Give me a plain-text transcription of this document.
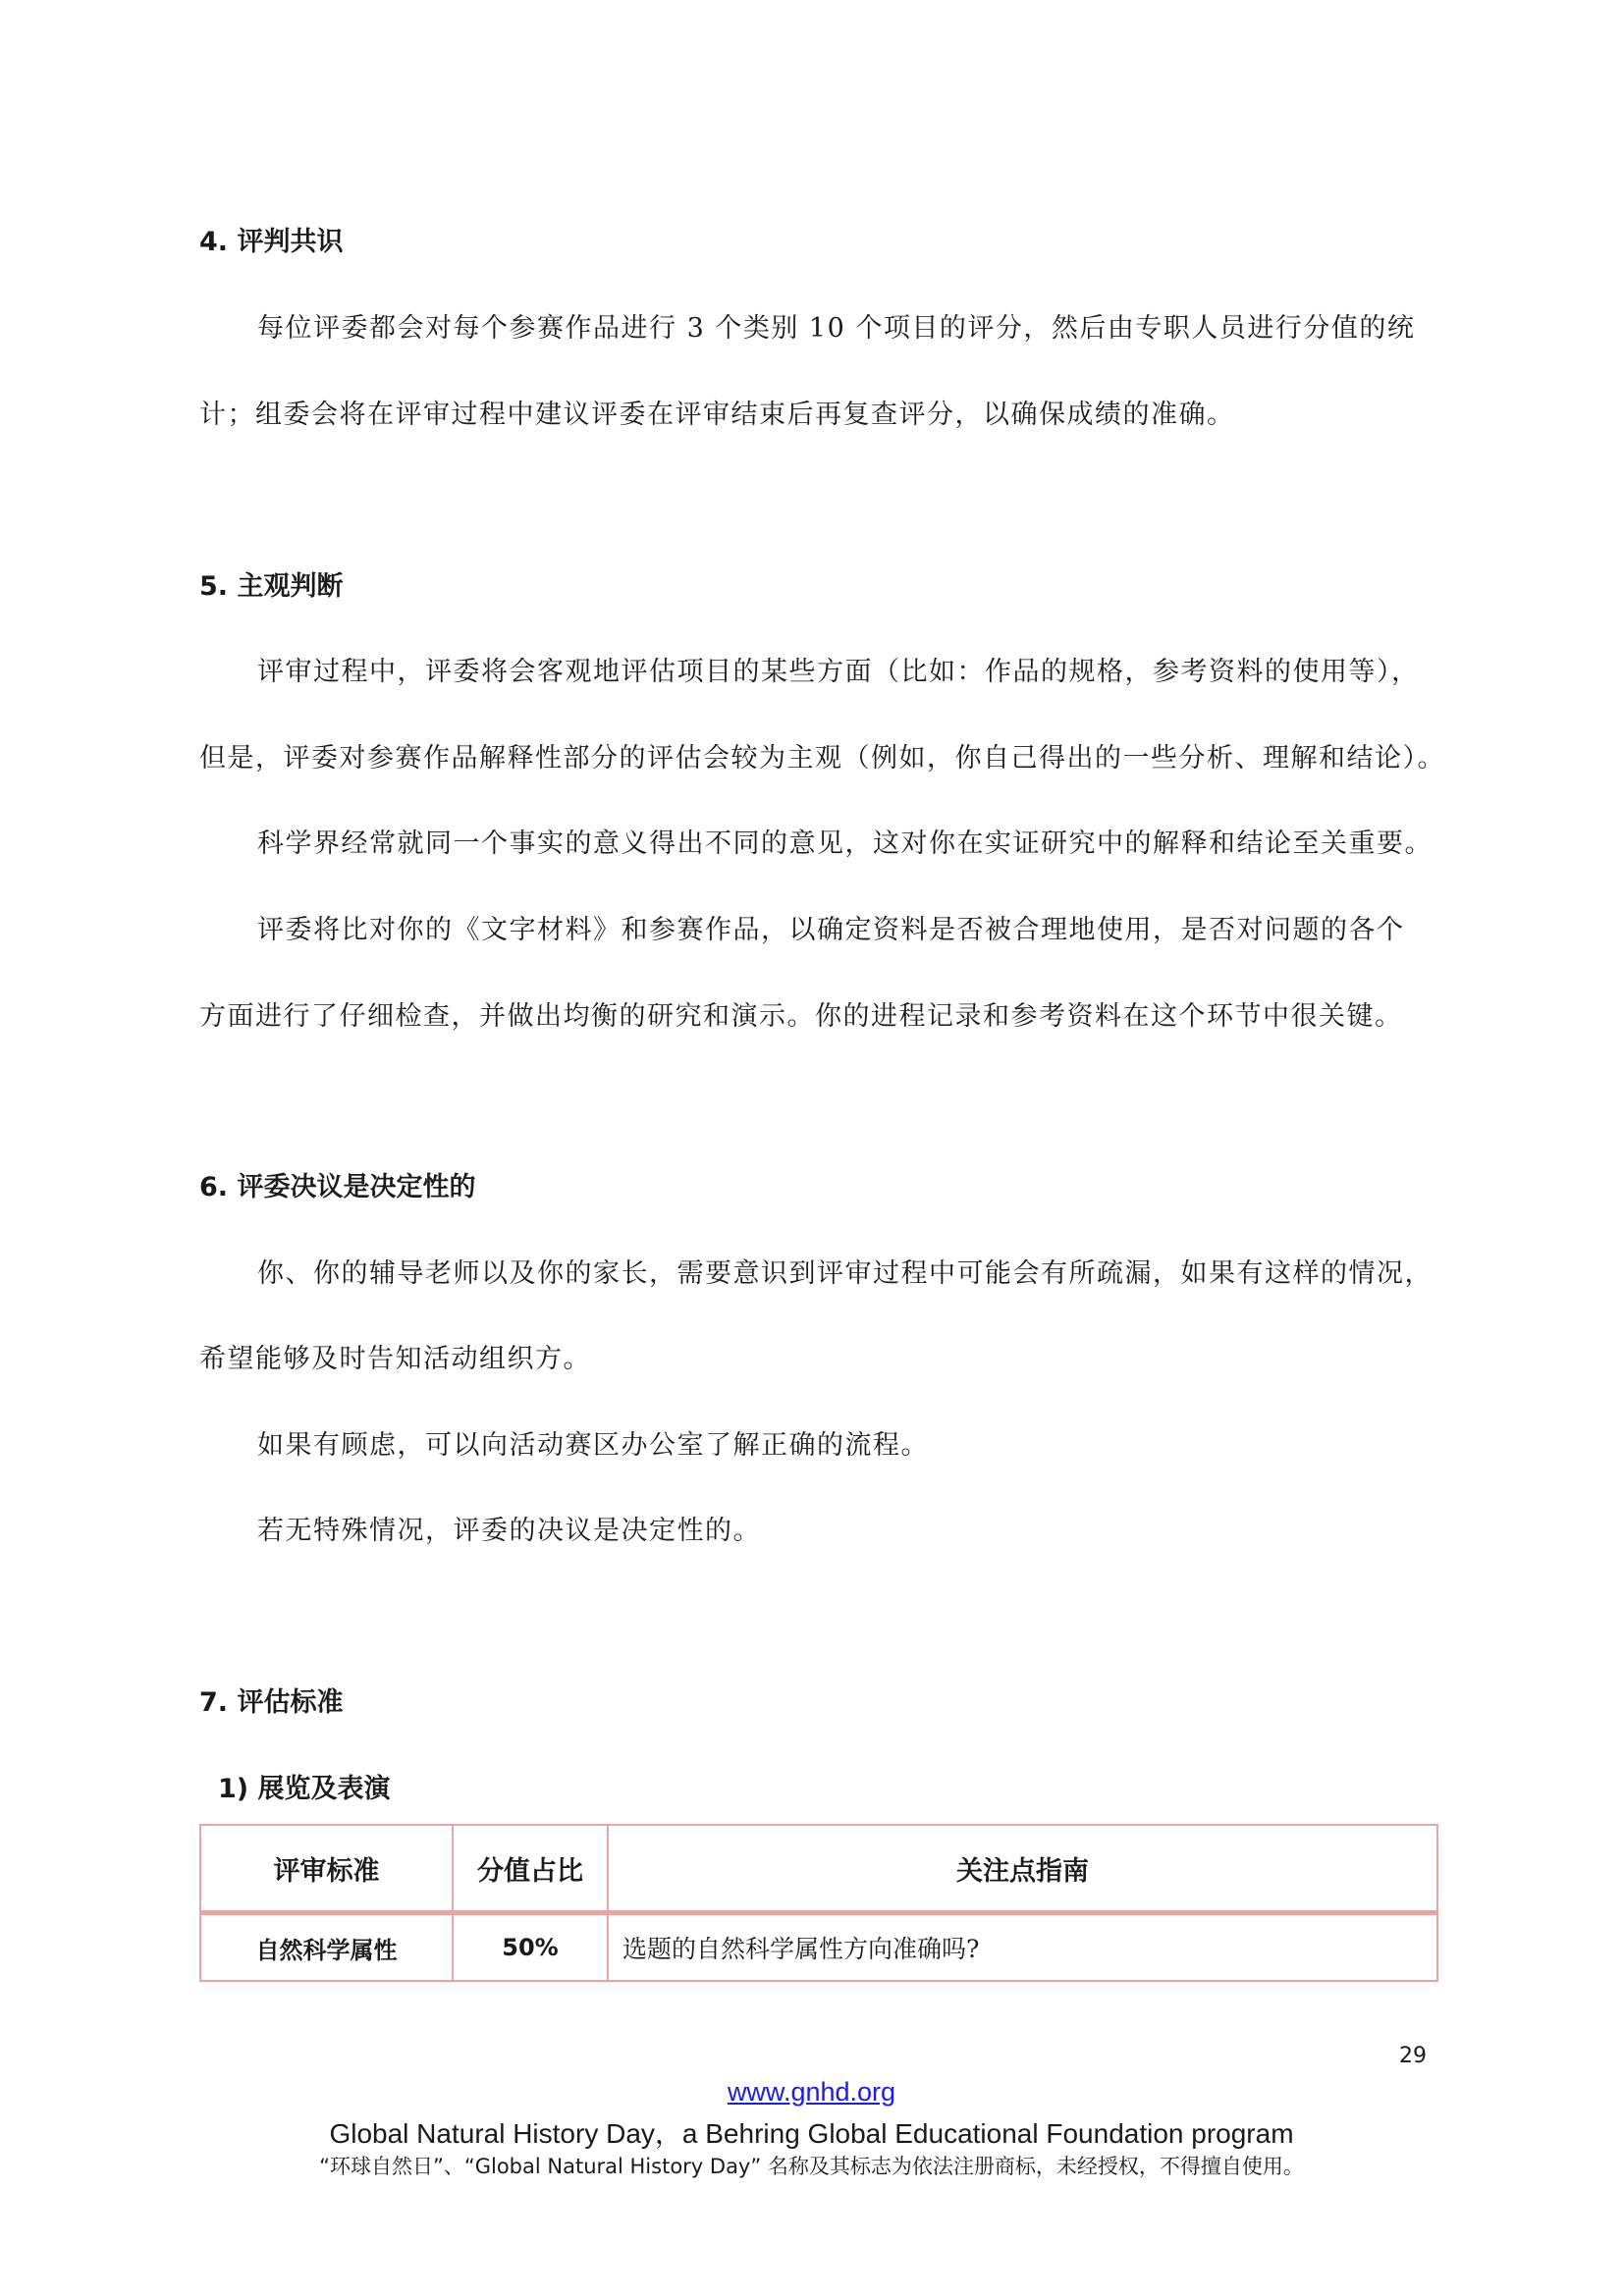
4. 评判共识
每位评委都会对每个参赛作品进行 3 个类别 10 个项目的评分，然后由专职人员进行分值的统
计；组委会将在评审过程中建议评委在评审结束后再复查评分，以确保成绩的准确。
5. 主观判断
评审过程中，评委将会客观地评估项目的某些方面（比如：作品的规格，参考资料的使用等），
但是，评委对参赛作品解释性部分的评估会较为主观（例如，你自己得出的一些分析、理解和结论）。
科学界经常就同一个事实的意义得出不同的意见，这对你在实证研究中的解释和结论至关重要。
评委将比对你的《文字材料》和参赛作品，以确定资料是否被合理地使用，是否对问题的各个
方面进行了仔细检查，并做出均衡的研究和演示。你的进程记录和参考资料在这个环节中很关键。
6. 评委决议是决定性的
你、你的辅导老师以及你的家长，需要意识到评审过程中可能会有所疏漏，如果有这样的情况，
希望能够及时告知活动组织方。
如果有顾虑，可以向活动赛区办公室了解正确的流程。
若无特殊情况，评委的决议是决定性的。
7. 评估标准
1) 展览及表演
评审标准	分值占比	关注点指南
自然科学属性	50%	选题的自然科学属性方向准确吗?
29
www.gnhd.org
Global Natural History Day，a Behring Global Educational Foundation program
“环球自然日”、“Global Natural History Day” 名称及其标志为依法注册商标，未经授权，不得擅自使用。
